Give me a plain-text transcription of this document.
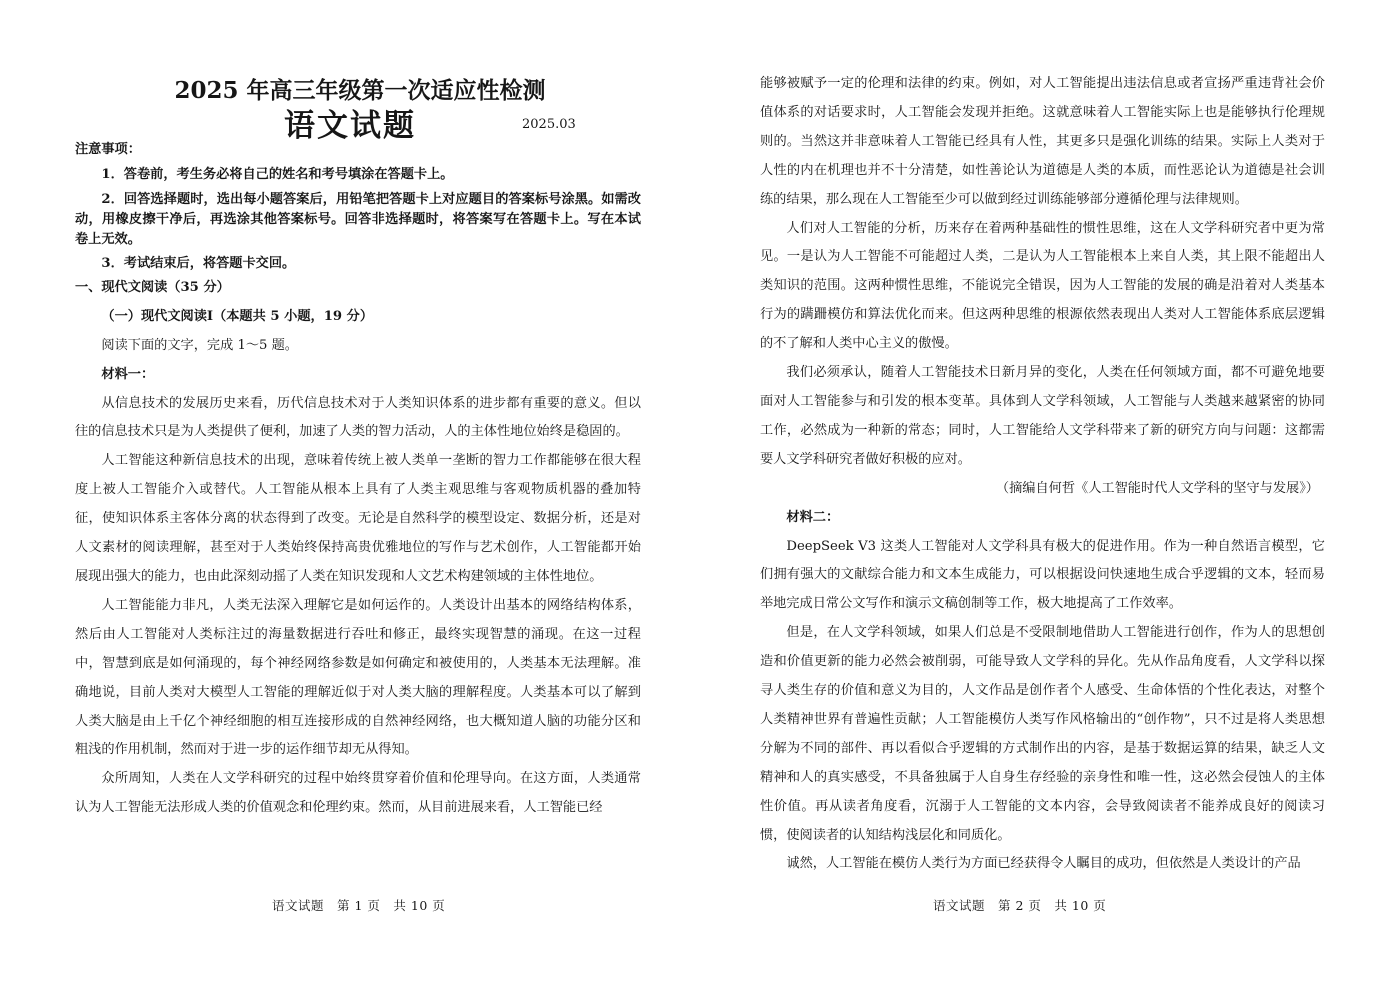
2025 年高三年级第一次适应性检测
语文试题	2025.03

注意事项：

1．答卷前，考生务必将自己的姓名和考号填涂在答题卡上。

2．回答选择题时，选出每小题答案后，用铅笔把答题卡上对应题目的答案标号涂黑。如需改动，用橡皮擦干净后，再选涂其他答案标号。回答非选择题时，将答案写在答题卡上。写在本试卷上无效。

3．考试结束后，将答题卡交回。

一、现代文阅读（35 分）

（一）现代文阅读Ⅰ（本题共 5 小题，19 分）

阅读下面的文字，完成 1～5 题。

材料一：

从信息技术的发展历史来看，历代信息技术对于人类知识体系的进步都有重要的意义。但以往的信息技术只是为人类提供了便利，加速了人类的智力活动，人的主体性地位始终是稳固的。

人工智能这种新信息技术的出现，意味着传统上被人类单一垄断的智力工作都能够在很大程度上被人工智能介入或替代。人工智能从根本上具有了人类主观思维与客观物质机器的叠加特征，使知识体系主客体分离的状态得到了改变。无论是自然科学的模型设定、数据分析，还是对人文素材的阅读理解，甚至对于人类始终保持高贵优雅地位的写作与艺术创作，人工智能都开始展现出强大的能力，也由此深刻动摇了人类在知识发现和人文艺术构建领域的主体性地位。

人工智能能力非凡，人类无法深入理解它是如何运作的。人类设计出基本的网络结构体系，然后由人工智能对人类标注过的海量数据进行吞吐和修正，最终实现智慧的涌现。在这一过程中，智慧到底是如何涌现的，每个神经网络参数是如何确定和被使用的，人类基本无法理解。准确地说，目前人类对大模型人工智能的理解近似于对人类大脑的理解程度。人类基本可以了解到人类大脑是由上千亿个神经细胞的相互连接形成的自然神经网络，也大概知道人脑的功能分区和粗浅的作用机制，然而对于进一步的运作细节却无从得知。

众所周知，人类在人文学科研究的过程中始终贯穿着价值和伦理导向。在这方面，人类通常认为人工智能无法形成人类的价值观念和伦理约束。然而，从目前进展来看，人工智能已经

语文试题　第 1 页　共 10 页

能够被赋予一定的伦理和法律的约束。例如，对人工智能提出违法信息或者宣扬严重违背社会价值体系的对话要求时，人工智能会发现并拒绝。这就意味着人工智能实际上也是能够执行伦理规则的。当然这并非意味着人工智能已经具有人性，其更多只是强化训练的结果。实际上人类对于人性的内在机理也并不十分清楚，如性善论认为道德是人类的本质，而性恶论认为道德是社会训练的结果，那么现在人工智能至少可以做到经过训练能够部分遵循伦理与法律规则。

人们对人工智能的分析，历来存在着两种基础性的惯性思维，这在人文学科研究者中更为常见。一是认为人工智能不可能超过人类，二是认为人工智能根本上来自人类，其上限不能超出人类知识的范围。这两种惯性思维，不能说完全错误，因为人工智能的发展的确是沿着对人类基本行为的蹒跚模仿和算法优化而来。但这两种思维的根源依然表现出人类对人工智能体系底层逻辑的不了解和人类中心主义的傲慢。

我们必须承认，随着人工智能技术日新月异的变化，人类在任何领域方面，都不可避免地要面对人工智能参与和引发的根本变革。具体到人文学科领域，人工智能与人类越来越紧密的协同工作，必然成为一种新的常态；同时，人工智能给人文学科带来了新的研究方向与问题：这都需要人文学科研究者做好积极的应对。

（摘编自何哲《人工智能时代人文学科的坚守与发展》）

材料二：

DeepSeek V3 这类人工智能对人文学科具有极大的促进作用。作为一种自然语言模型，它们拥有强大的文献综合能力和文本生成能力，可以根据设问快速地生成合乎逻辑的文本，轻而易举地完成日常公文写作和演示文稿创制等工作，极大地提高了工作效率。

但是，在人文学科领域，如果人们总是不受限制地借助人工智能进行创作，作为人的思想创造和价值更新的能力必然会被削弱，可能导致人文学科的异化。先从作品角度看，人文学科以探寻人类生存的价值和意义为目的，人文作品是创作者个人感受、生命体悟的个性化表达，对整个人类精神世界有普遍性贡献；人工智能模仿人类写作风格输出的“创作物”，只不过是将人类思想分解为不同的部件、再以看似合乎逻辑的方式制作出的内容，是基于数据运算的结果，缺乏人文精神和人的真实感受，不具备独属于人自身生存经验的亲身性和唯一性，这必然会侵蚀人的主体性价值。再从读者角度看，沉溺于人工智能的文本内容，会导致阅读者不能养成良好的阅读习惯，使阅读者的认知结构浅层化和同质化。

诚然，人工智能在模仿人类行为方面已经获得令人瞩目的成功，但依然是人类设计的产品

语文试题　第 2 页　共 10 页
